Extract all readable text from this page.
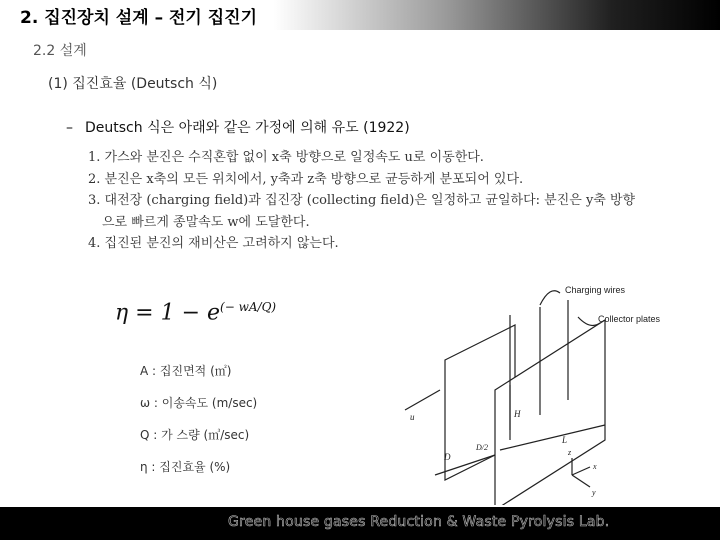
2. 집진장치 설계 – 전기 집진기
2.2 설계
(1) 집진효율 (Deutsch 식)
– Deutsch 식은 아래와 같은 가정에 의해 유도 (1922)
1. 가스와 분진은 수직혼합 없이 x축 방향으로 일정속도 u로 이동한다.
2. 분진은 x축의 모든 위치에서, y축과 z축 방향으로 균등하게 분포되어 있다.
3. 대전장 (charging field)과 집진장 (collecting field)은 일정하고 균일하다: 분진은 y축 방향
으로 빠르게 종말속도 w에 도달한다.
4. 집진된 분진의 재비산은 고려하지 않는다.
$\eta = 1 - e^{(- wA/Q)}$
A : 집진면적 (㎡)
ω : 이송속도 (m/sec)
Q : 가 스량 (㎥/sec)
η : 집진효율 (%)
Charging wires
Collector plates
u	H
L
D
D/2
z
x
y
Green house gases Reduction & Waste Pyrolysis Lab.
